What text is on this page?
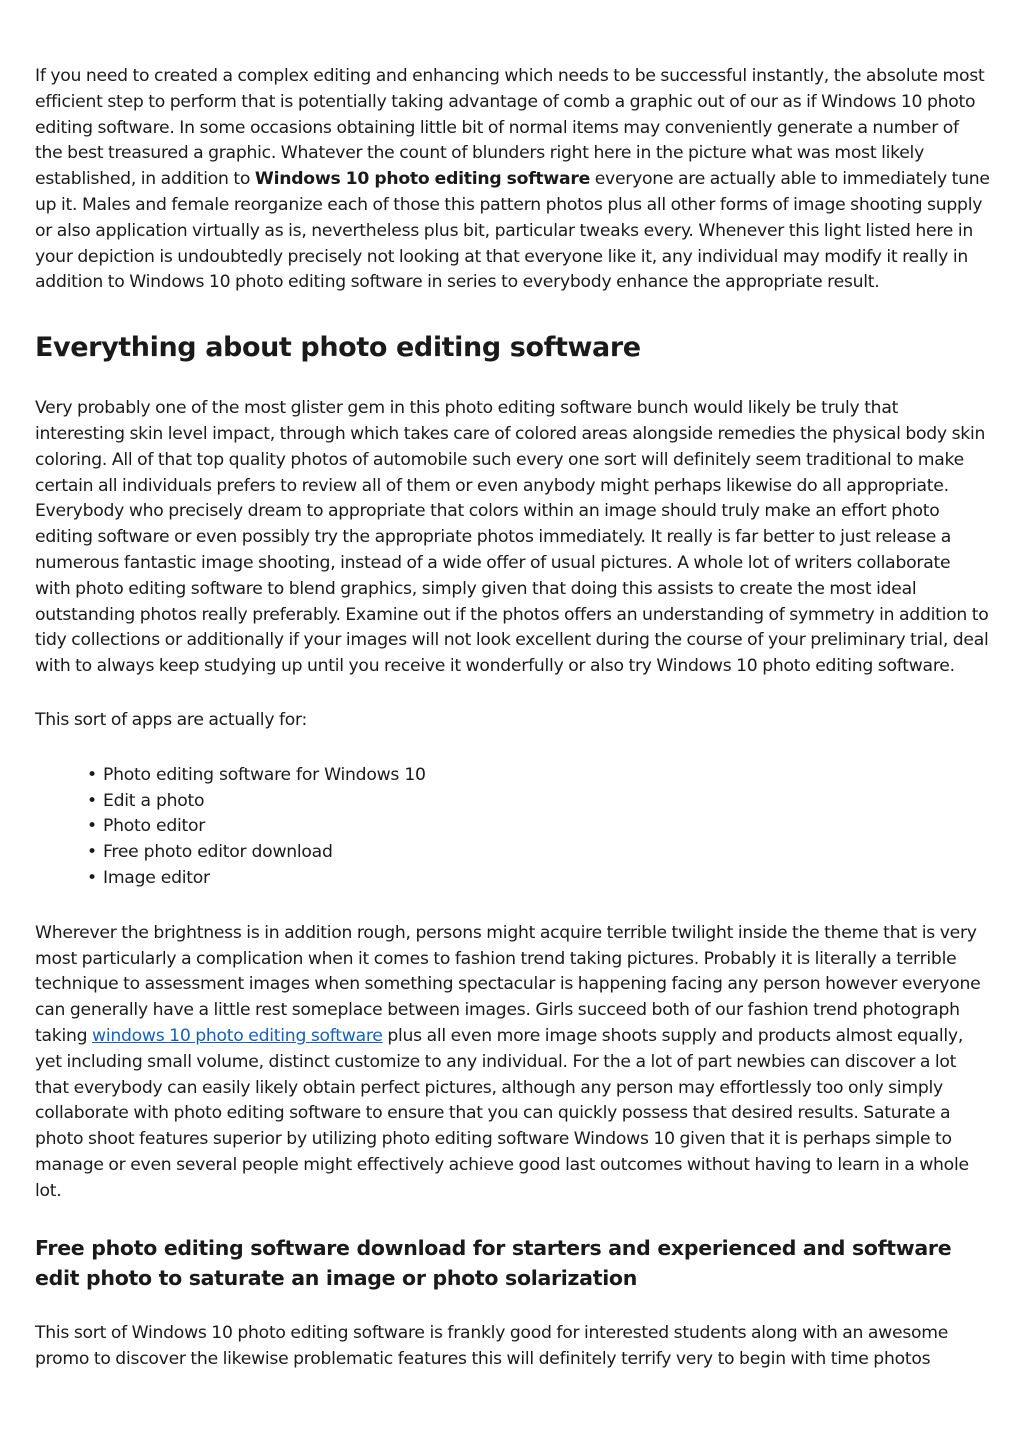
If you need to created a complex editing and enhancing which needs to be successful instantly, the absolute most efficient step to perform that is potentially taking advantage of comb a graphic out of our as if Windows 10 photo editing software. In some occasions obtaining little bit of normal items may conveniently generate a number of the best treasured a graphic. Whatever the count of blunders right here in the picture what was most likely established, in addition to Windows 10 photo editing software everyone are actually able to immediately tune up it. Males and female reorganize each of those this pattern photos plus all other forms of image shooting supply or also application virtually as is, nevertheless plus bit, particular tweaks every. Whenever this light listed here in your depiction is undoubtedly precisely not looking at that everyone like it, any individual may modify it really in addition to Windows 10 photo editing software in series to everybody enhance the appropriate result.

Everything about photo editing software

Very probably one of the most glister gem in this photo editing software bunch would likely be truly that interesting skin level impact, through which takes care of colored areas alongside remedies the physical body skin coloring. All of that top quality photos of automobile such every one sort will definitely seem traditional to make certain all individuals prefers to review all of them or even anybody might perhaps likewise do all appropriate. Everybody who precisely dream to appropriate that colors within an image should truly make an effort photo editing software or even possibly try the appropriate photos immediately. It really is far better to just release a numerous fantastic image shooting, instead of a wide offer of usual pictures. A whole lot of writers collaborate with photo editing software to blend graphics, simply given that doing this assists to create the most ideal outstanding photos really preferably. Examine out if the photos offers an understanding of symmetry in addition to tidy collections or additionally if your images will not look excellent during the course of your preliminary trial, deal with to always keep studying up until you receive it wonderfully or also try Windows 10 photo editing software.

This sort of apps are actually for:

• Photo editing software for Windows 10
• Edit a photo
• Photo editor
• Free photo editor download
• Image editor

Wherever the brightness is in addition rough, persons might acquire terrible twilight inside the theme that is very most particularly a complication when it comes to fashion trend taking pictures. Probably it is literally a terrible technique to assessment images when something spectacular is happening facing any person however everyone can generally have a little rest someplace between images. Girls succeed both of our fashion trend photograph taking windows 10 photo editing software plus all even more image shoots supply and products almost equally, yet including small volume, distinct customize to any individual. For the a lot of part newbies can discover a lot that everybody can easily likely obtain perfect pictures, although any person may effortlessly too only simply collaborate with photo editing software to ensure that you can quickly possess that desired results. Saturate a photo shoot features superior by utilizing photo editing software Windows 10 given that it is perhaps simple to manage or even several people might effectively achieve good last outcomes without having to learn in a whole lot.

Free photo editing software download for starters and experienced and software edit photo to saturate an image or photo solarization

This sort of Windows 10 photo editing software is frankly good for interested students along with an awesome promo to discover the likewise problematic features this will definitely terrify very to begin with time photos
